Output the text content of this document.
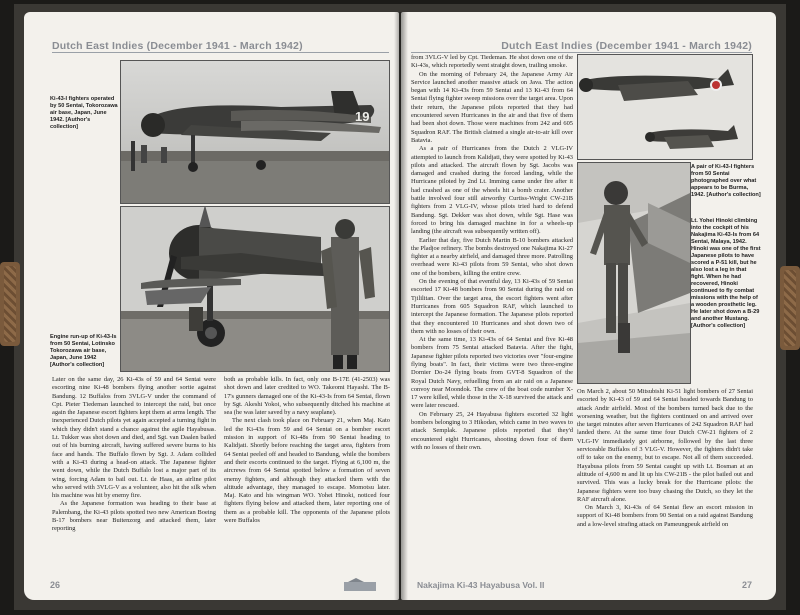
Dutch East Indies (December 1941 - March 1942)
19
Ki-43-I fighters operated by 50 Sentai, Tokorozawa air base, Japan, June 1942. [Author's collection]
Engine run-up of Ki-43-Is from 50 Sentai, Lotinsko Tokorozawa air base, Japan, June 1942 [Author's collection]

Later on the same day, 26 Ki-43s of 59 and 64 Sentai were escorting nine Ki-48 bombers flying another sortie against Bandung. 12 Buffalos from 3VLG-V under the command of Cpt. Pieter Tiedeman launched to intercept the raid, but once again the Japanese escort fighters kept them at arms length. The inexperienced Dutch pilots yet again accepted a turning fight in which they didn't stand a chance against the agile Hayabusas. Lt. Tukker was shot down and died, and Sgt. van Daalen bailed out of his burning aircraft, having suffered severe burns to his face and hands. The Buffalo flown by Sgt. J. Adam collided with a Ki-43 during a head-on attack. The Japanese fighter went down, while the Dutch Buffalo lost a major part of its wing, forcing Adam to bail out. Lt. de Haas, an airline pilot who served with 3VLG-V as a volunteer, also hit the silk when his machine was hit by enemy fire.

As the Japanese formation was heading to their base at Palembang, the Ki-43 pilots spotted two new American Boeing B-17 bombers near Buitenzorg and attacked them, later reporting

both as probable kills. In fact, only one B-17E (41-2503) was shot down and later credited to WO. Takeomi Hayashi. The B-17's gunners damaged one of the Ki-43-Is from 64 Sentai, flown by Sgt. Akeshi Yokoi, who subsequently ditched his machine at sea (he was later saved by a navy seaplane).

The next clash took place on February 21, when Maj. Kato led the Ki-43s from 59 and 64 Sentai on a bomber escort mission in support of Ki-48s from 90 Sentai heading to Kalidjati. Shortly before reaching the target area, fighters from 64 Sentai peeled off and headed to Bandung, while the bombers and their escorts continued to the target. Flying at 6,100 m, the aircrews from 64 Sentai spotted below a formation of seven enemy fighters, and although they attacked them with the altitude advantage, they managed to escape. Momotsu later. Maj. Kato and his wingman WO. Yohei Hinoki, noticed four fighters flying below and attacked them, later reporting one of them as a probable kill. The opponents of the Japanese pilots were Buffalos

26
Dutch East Indies (December 1941 - March 1942)

from 3VLG-V led by Cpt. Tiedeman. He shot down one of the Ki-43s, which reportedly went straight down, trailing smoke.

On the morning of February 24, the Japanese Army Air Service launched another massive attack on Java. The action began with 14 Ki-43s from 59 Sentai and 13 Ki-43 from 64 Sentai flying fighter sweep missions over the target area. Upon their return, the Japanese pilots reported that they had encountered seven Hurricanes in the air and that five of them had been shot down. Those were machines from 242 and 605 Squadron RAF. The British claimed a single air-to-air kill over Batavia.

As a pair of Hurricanes from the Dutch 2 VLG-IV attempted to launch from Kalidjati, they were spotted by Ki-43 pilots and attacked. The aircraft flown by Sgt. Jacobs was damaged and crashed during the forced landing, while the Hurricane piloted by 2nd Lt. Imming came under fire after it had crashed as one of the wheels hit a bomb crater. Another battle involved four still airworthy Curtiss-Wright CW-21B fighters from 2 VLG-IV, whose pilots tried hard to defend Bandung. Sgt. Dekker was shot down, while Sgt. Hase was forced to bring his damaged machine in for a wheels-up landing (the aircraft was subsequently written off).

Earlier that day, five Dutch Martin B-10 bombers attacked the Pladjoe refinery. The bombs destroyed one Nakajima Ki-27 fighter at a nearby airfield, and damaged three more. Patrolling overhead were Ki-43 pilots from 59 Sentai, who shot down one of the bombers, killing the entire crew.

On the evening of that eventful day, 13 Ki-43s of 59 Sentai escorted 17 Ki-48 bombers from 90 Sentai during the raid on Tjililitan. Over the target area, the escort fighters went after Hurricanes from 605 Squadron RAF, which launched to intercept the Japanese formation. The Japanese pilots reported that they encountered 10 Hurricanes and shot down two of them with no losses of their own.

At the same time, 13 Ki-43s of 64 Sentai and five Ki-48 bombers from 75 Sentai attacked Batavia. After the fight, Japanese fighter pilots reported two victories over "four-engine flying boats". In fact, their victims were two three-engine Dornier Do-24 flying boats from GVT-8 Squadron of the Royal Dutch Navy, refuelling from an air raid on a Japanese convoy near Moondok. The crew of the boat code number X-17 were killed, while those in the X-18 survived the attack and were later rescued.

On February 25, 24 Hayabusa fighters escorted 32 light bombers belonging to 3 Hikodan, which came in two waves to attack Semplak. Japanese pilots reported that they'd encountered eight Hurricanes, shooting down four of them with no losses of their own.

A pair of Ki-43-I fighters from 50 Sentai photographed over what appears to be Burma, 1942. [Author's collection]
Lt. Yohei Hinoki climbing into the cockpit of his Nakajima Ki-43-Is from 64 Sentai, Malaya, 1942. Hinoki was one of the first Japanese pilots to have scored a P-51 kill, but he also lost a leg in that fight. When he had recovered, Hinoki continued to fly combat missions with the help of a wooden prosthetic leg. He later shot down a B-29 and another Mustang. [Author's collection]

On March 2, about 50 Mitsubishi Ki-51 light bombers of 27 Sentai escorted by Ki-43 of 59 and 64 Sentai headed towards Bandung to attack Andir airfield. Most of the bombers turned back due to the worsening weather, but the fighters continued on and arrived over the target minutes after seven Hurricanes of 242 Squadron RAF had landed there. At the same time four Dutch CW-21 fighters of 2 VLG-IV immediately got airborne, followed by the last three serviceable Buffalos of 3 VLG-V. However, the fighters didn't take off to take on the enemy, but to escape. Not all of them succeeded. Hayabusa pilots from 59 Sentai caught up with Lt. Bosman at an altitude of 4,600 m and lit up his CW-21B - the pilot bailed out and survived. This was a lucky break for the Hurricane pilots: the Japanese fighters were too busy chasing the Dutch, so they let the RAF aircraft alone.

On March 3, Ki-43s of 64 Sentai flew an escort mission in support of Ki-48 bombers from 90 Sentai on a raid against Bandung and a low-level strafing attack on Pameungpeuk airfield on

Nakajima Ki-43 Hayabusa Vol. II	27
